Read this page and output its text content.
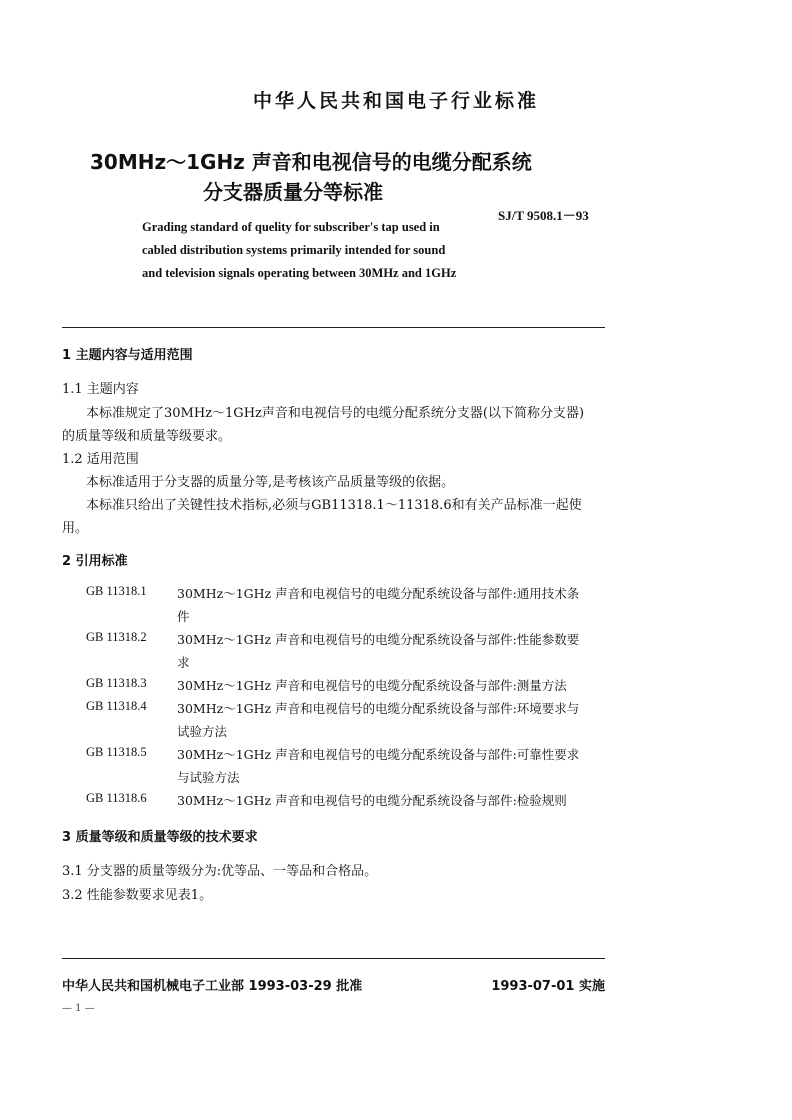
中华人民共和国电子行业标准
30MHz～1GHz 声音和电视信号的电缆分配系统
分支器质量分等标准
SJ/T 9508.1－93
Grading standard of quelity for subscriber's tap used in
cabled distribution systems primarily intended for sound
and television signals operating between 30MHz and 1GHz
1 主题内容与适用范围
1.1 主题内容
本标准规定了30MHz～1GHz声音和电视信号的电缆分配系统分支器(以下简称分支器)
的质量等级和质量等级要求。
1.2 适用范围
本标准适用于分支器的质量分等,是考核该产品质量等级的依据。
本标准只给出了关键性技术指标,必须与GB11318.1～11318.6和有关产品标准一起使
用。
2 引用标准
GB 11318.1 30MHz～1GHz 声音和电视信号的电缆分配系统设备与部件:通用技术条
件
GB 11318.2 30MHz～1GHz 声音和电视信号的电缆分配系统设备与部件:性能参数要
求
GB 11318.3 30MHz～1GHz 声音和电视信号的电缆分配系统设备与部件:测量方法
GB 11318.4 30MHz～1GHz 声音和电视信号的电缆分配系统设备与部件:环境要求与
试验方法
GB 11318.5 30MHz～1GHz 声音和电视信号的电缆分配系统设备与部件:可靠性要求
与试验方法
GB 11318.6 30MHz～1GHz 声音和电视信号的电缆分配系统设备与部件:检验规则
3 质量等级和质量等级的技术要求
3.1 分支器的质量等级分为:优等品、一等品和合格品。
3.2 性能参数要求见表1。
中华人民共和国机械电子工业部 1993-03-29 批准	1993-07-01 实施
— 1 —
